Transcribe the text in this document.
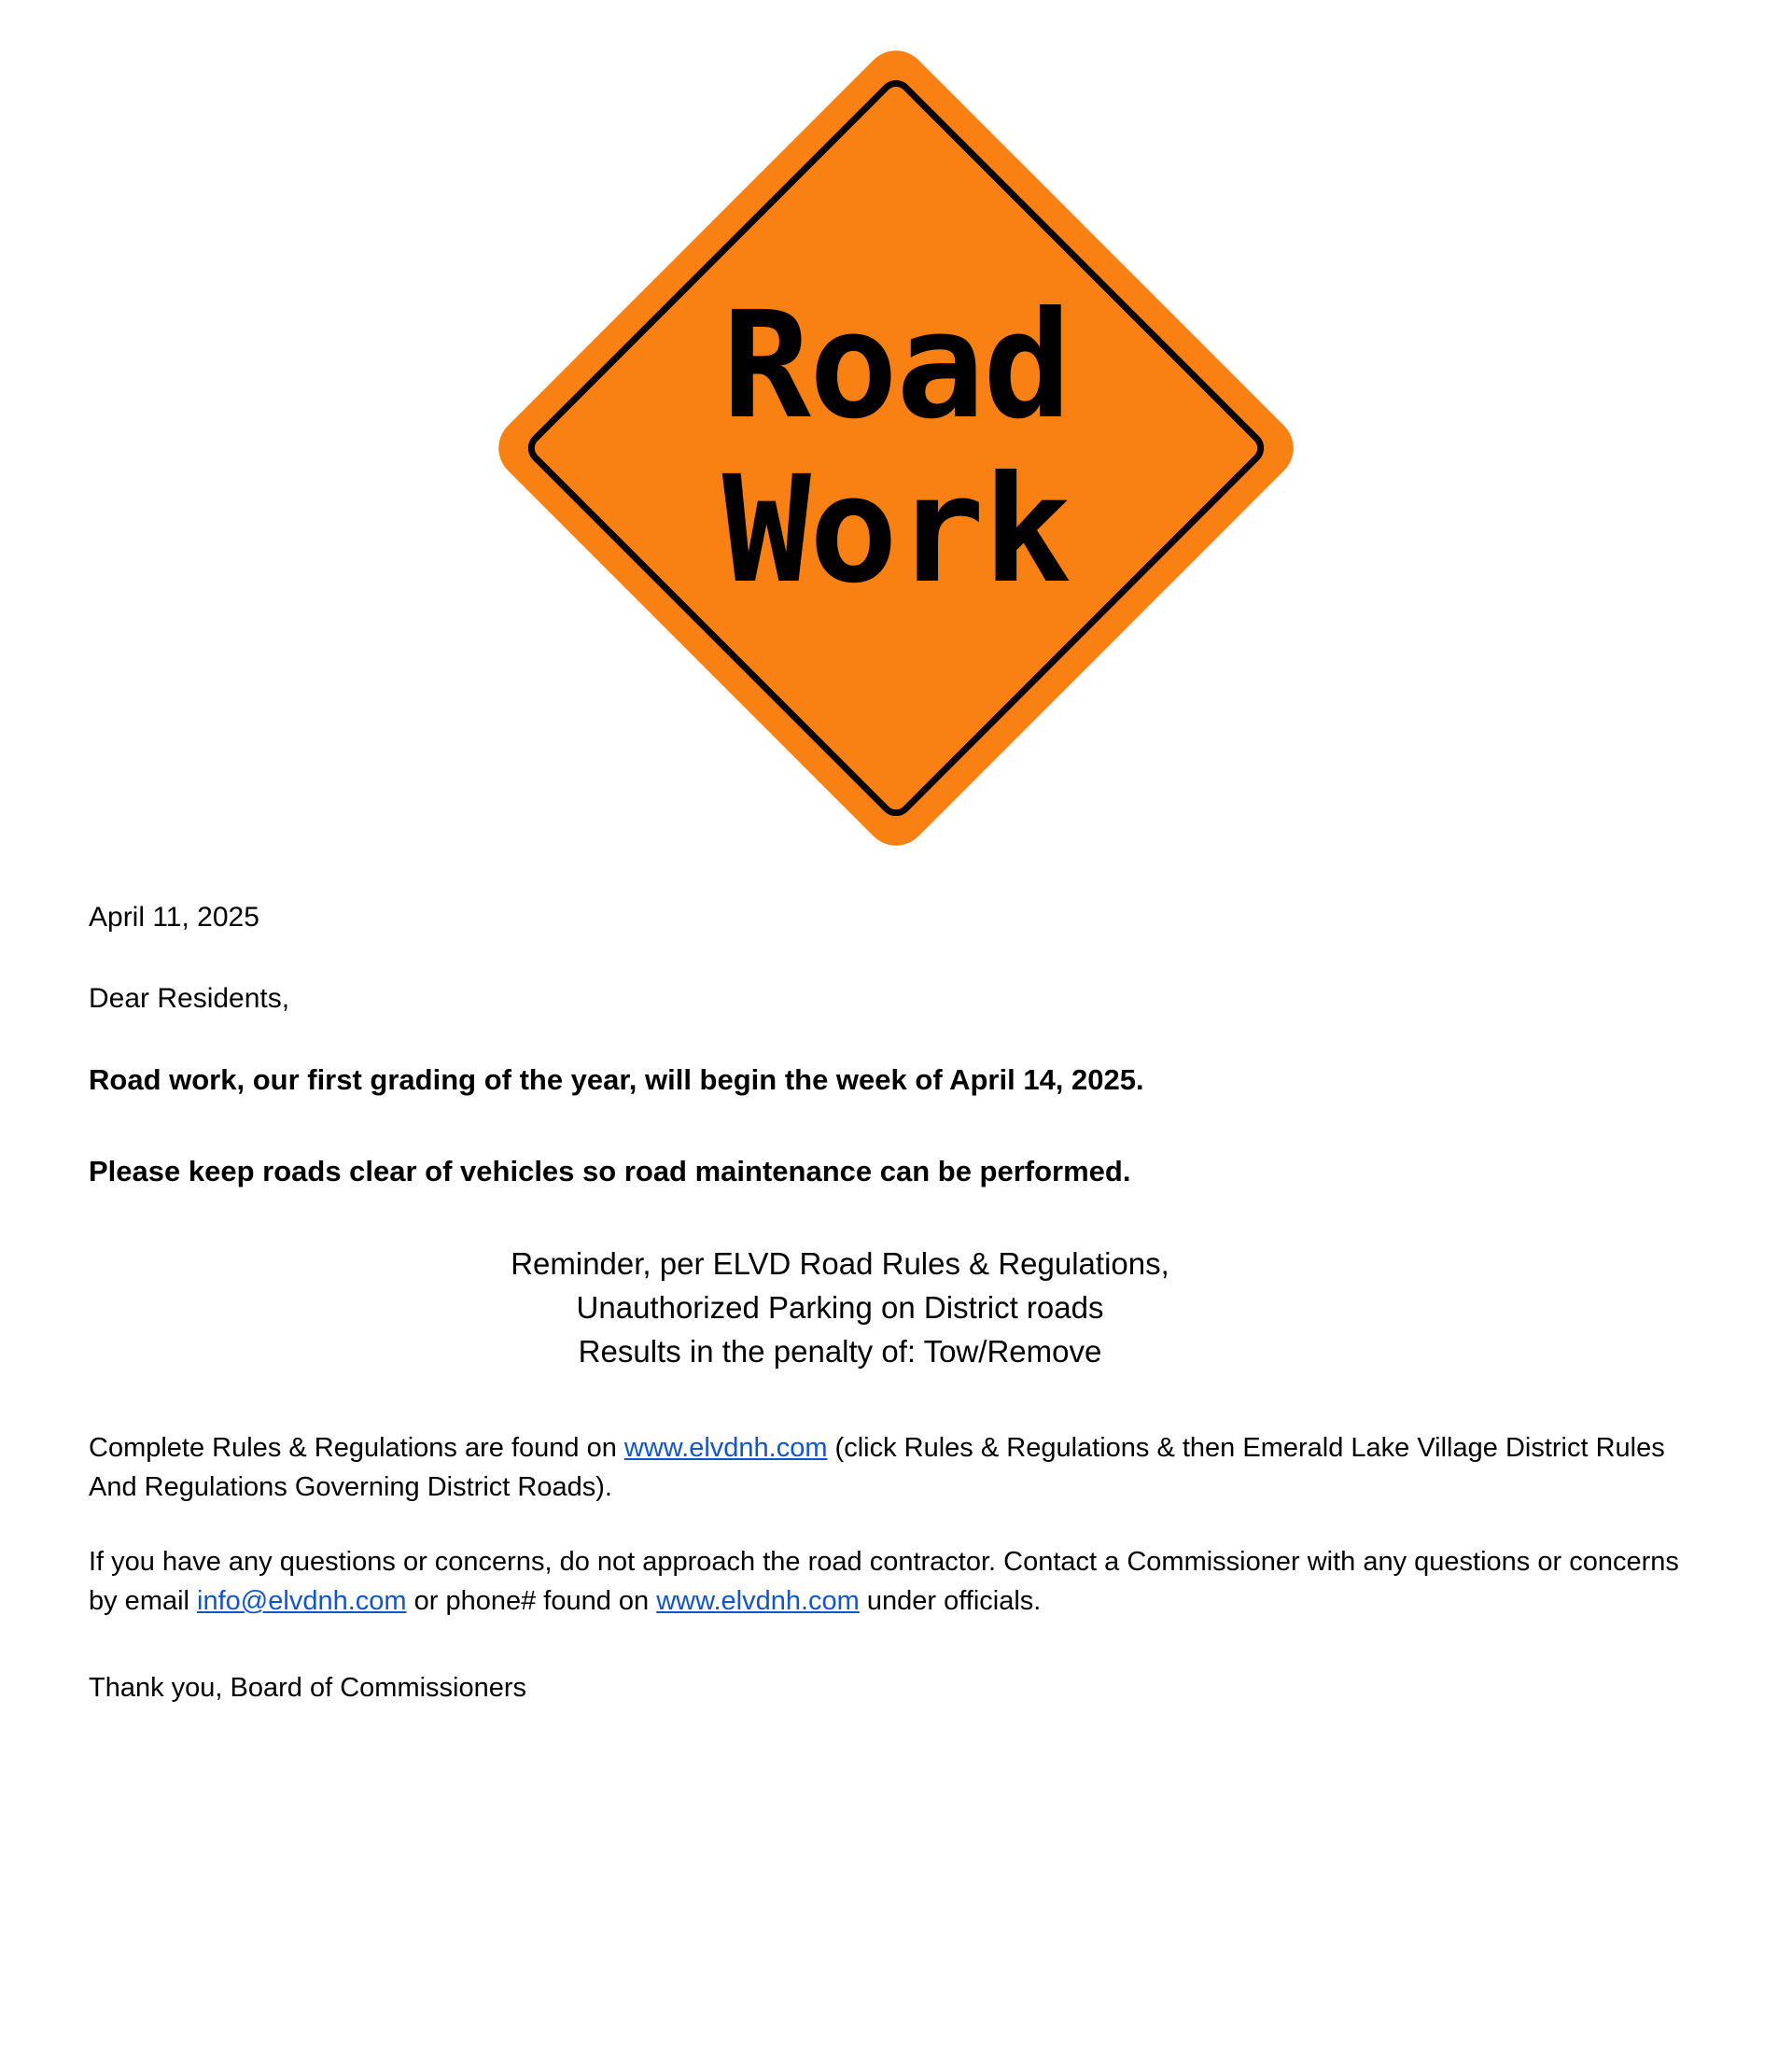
Road
Work

April 11, 2025

Dear Residents,

Road work, our first grading of the year, will begin the week of April 14, 2025.

Please keep roads clear of vehicles so road maintenance can be performed.

Reminder, per ELVD Road Rules & Regulations,
Unauthorized Parking on District roads
Results in the penalty of: Tow/Remove

Complete Rules & Regulations are found on www.elvdnh.com (click Rules & Regulations & then Emerald Lake Village District Rules And Regulations Governing District Roads).

If you have any questions or concerns, do not approach the road contractor. Contact a Commissioner with any questions or concerns by email info@elvdnh.com or phone# found on www.elvdnh.com under officials.

Thank you, Board of Commissioners
